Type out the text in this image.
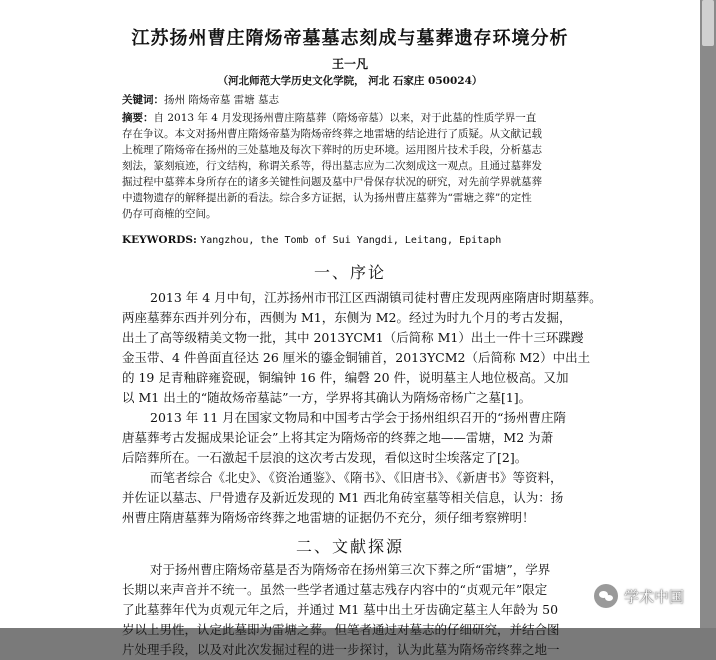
江苏扬州曹庄隋炀帝墓墓志刻成与墓葬遗存环境分析
王一凡
（河北师范大学历史文化学院， 河北 石家庄 050024）
关键词：扬州 隋炀帝墓 雷塘 墓志
摘要：自 2013 年 4 月发现扬州曹庄隋墓葬（隋炀帝墓）以来，对于此墓的性质学界一直
存在争议。本文对扬州曹庄隋炀帝墓为隋炀帝终葬之地雷塘的结论进行了质疑。从文献记载
上梳理了隋炀帝在扬州的三处墓地及每次下葬时的历史环境。运用图片技术手段，分析墓志
刻法，篆刻痕迹，行文结构，称谓关系等，得出墓志应为二次刻成这一观点。且通过墓葬发
掘过程中墓葬本身所存在的诸多关键性问题及墓中尸骨保存状况的研究，对先前学界就墓葬
中遗物遗存的解释提出新的看法。综合多方证据，认为扬州曹庄墓葬为“雷塘之葬”的定性
仍存可商榷的空间。
KEYWORDS: Yangzhou, the Tomb of Sui Yangdi, Leitang, Epitaph
一、序论
2013 年 4 月中旬，江苏扬州市邗江区西湖镇司徒村曹庄发现两座隋唐时期墓葬。
两座墓葬东西并列分布，西侧为 M1，东侧为 M2。经过为时九个月的考古发掘，
出土了高等级精美文物一批，其中 2013YCM1（后简称 M1）出土一件十三环蹀躞
金玉带、4 件兽面直径达 26 厘米的鎏金铜铺首，2013YCM2（后简称 M2）中出土
的 19 足青釉辟雍瓷砚，铜编钟 16 件，编磬 20 件，说明墓主人地位极高。又加
以 M1 出土的“随故炀帝墓誌”一方，学界将其确认为隋炀帝杨广之墓[1]。
2013 年 11 月在国家文物局和中国考古学会于扬州组织召开的“扬州曹庄隋
唐墓葬考古发掘成果论证会”上将其定为隋炀帝的终葬之地——雷塘，M2 为萧
后陪葬所在。一石激起千层浪的这次考古发现，看似这时尘埃落定了[2]。
而笔者综合《北史》、《资治通鉴》、《隋书》、《旧唐书》、《新唐书》等资料，
并佐证以墓志、尸骨遗存及新近发现的 M1 西北角砖室墓等相关信息，认为：扬
州曹庄隋唐墓葬为隋炀帝终葬之地雷塘的证据仍不充分，须仔细考察辨明！
二、文献探源
对于扬州曹庄隋炀帝墓是否为隋炀帝在扬州第三次下葬之所“雷塘”，学界
长期以来声音并不统一。虽然一些学者通过墓志残存内容中的“贞观元年”限定
了此墓葬年代为贞观元年之后，并通过 M1 墓中出土牙齿确定墓主人年龄为 50
岁以上男性，认定此墓即为雷塘之葬。但笔者通过对墓志的仔细研究，并结合图
片处理手段，以及对此次发掘过程的进一步探讨，认为此墓为隋炀帝终葬之地一
学术中国
